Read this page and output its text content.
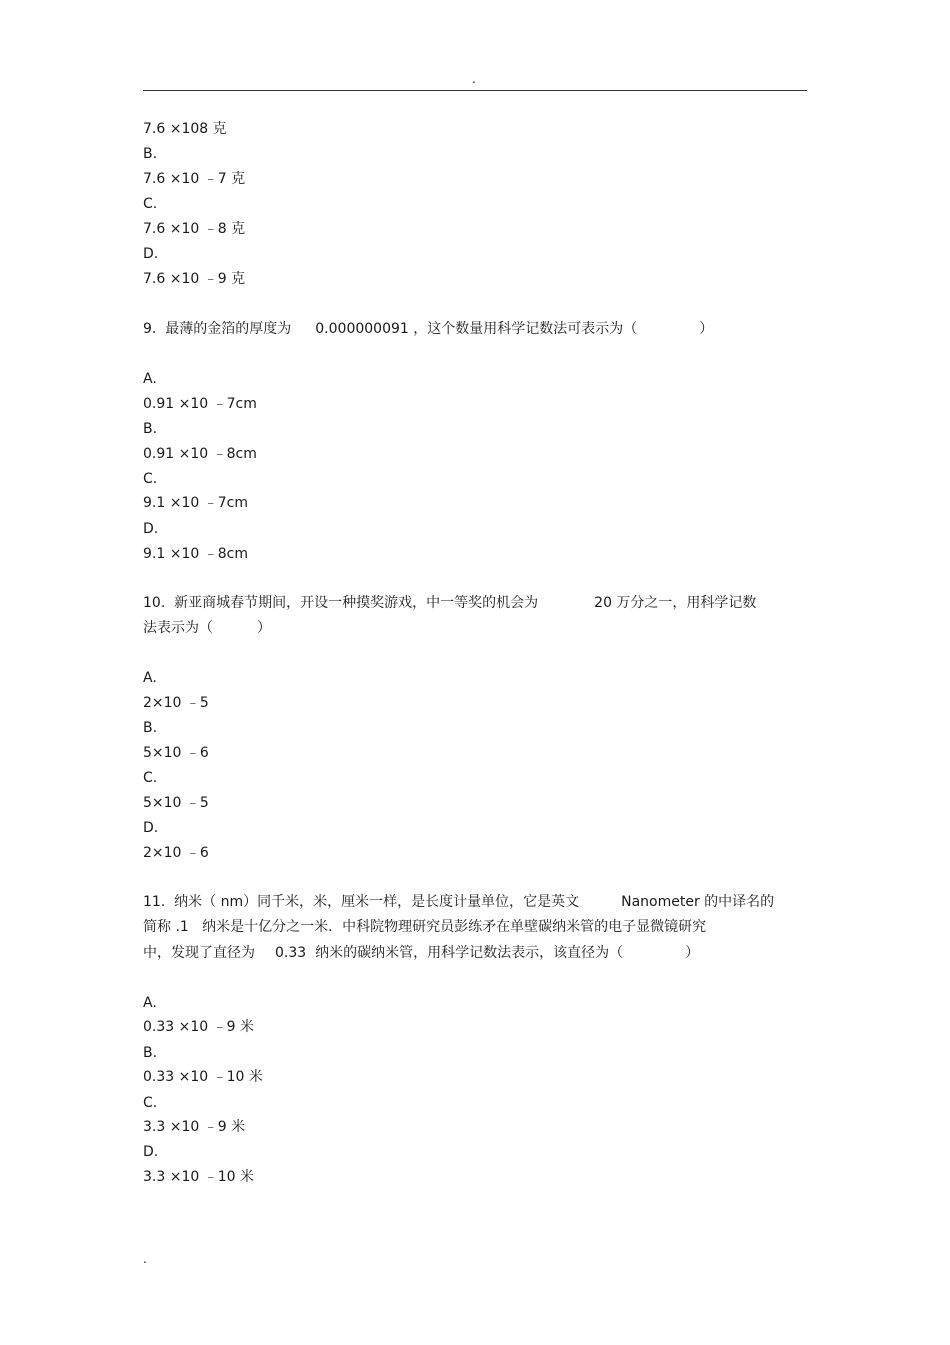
.
7.6 ×108 克
B.
7.6 ×10 ﹣7 克
C.
7.6 ×10 ﹣8 克
D.
7.6 ×10 ﹣9 克
9.  最薄的金箔的厚度为 0.000000091 ，这个数量用科学记数法可表示为（	）
A.
0.91 ×10 ﹣7cm
B.
0.91 ×10 ﹣8cm
C.
9.1 ×10 ﹣7cm
D.
9.1 ×10 ﹣8cm
10.  新亚商城春节期间，开设一种摸奖游戏，中一等奖的机会为	20 万分之一，用科学记数
法表示为（	）
A.
2×10 ﹣5
B.
5×10 ﹣6
C.
5×10 ﹣5
D.
2×10 ﹣6
11.  纳米（ nm）同千米，米，厘米一样，是长度计量单位，它是英文	Nanometer 的中译名的
简称 .1   纳米是十亿分之一米．中科院物理研究员彭练矛在单壁碳纳米管的电子显微镜研究
中，发现了直径为 0.33  纳米的碳纳米管，用科学记数法表示，该直径为（	）
A.
0.33 ×10 ﹣9 米
B.
0.33 ×10 ﹣10 米
C.
3.3 ×10 ﹣9 米
D.
3.3 ×10 ﹣10 米
.
